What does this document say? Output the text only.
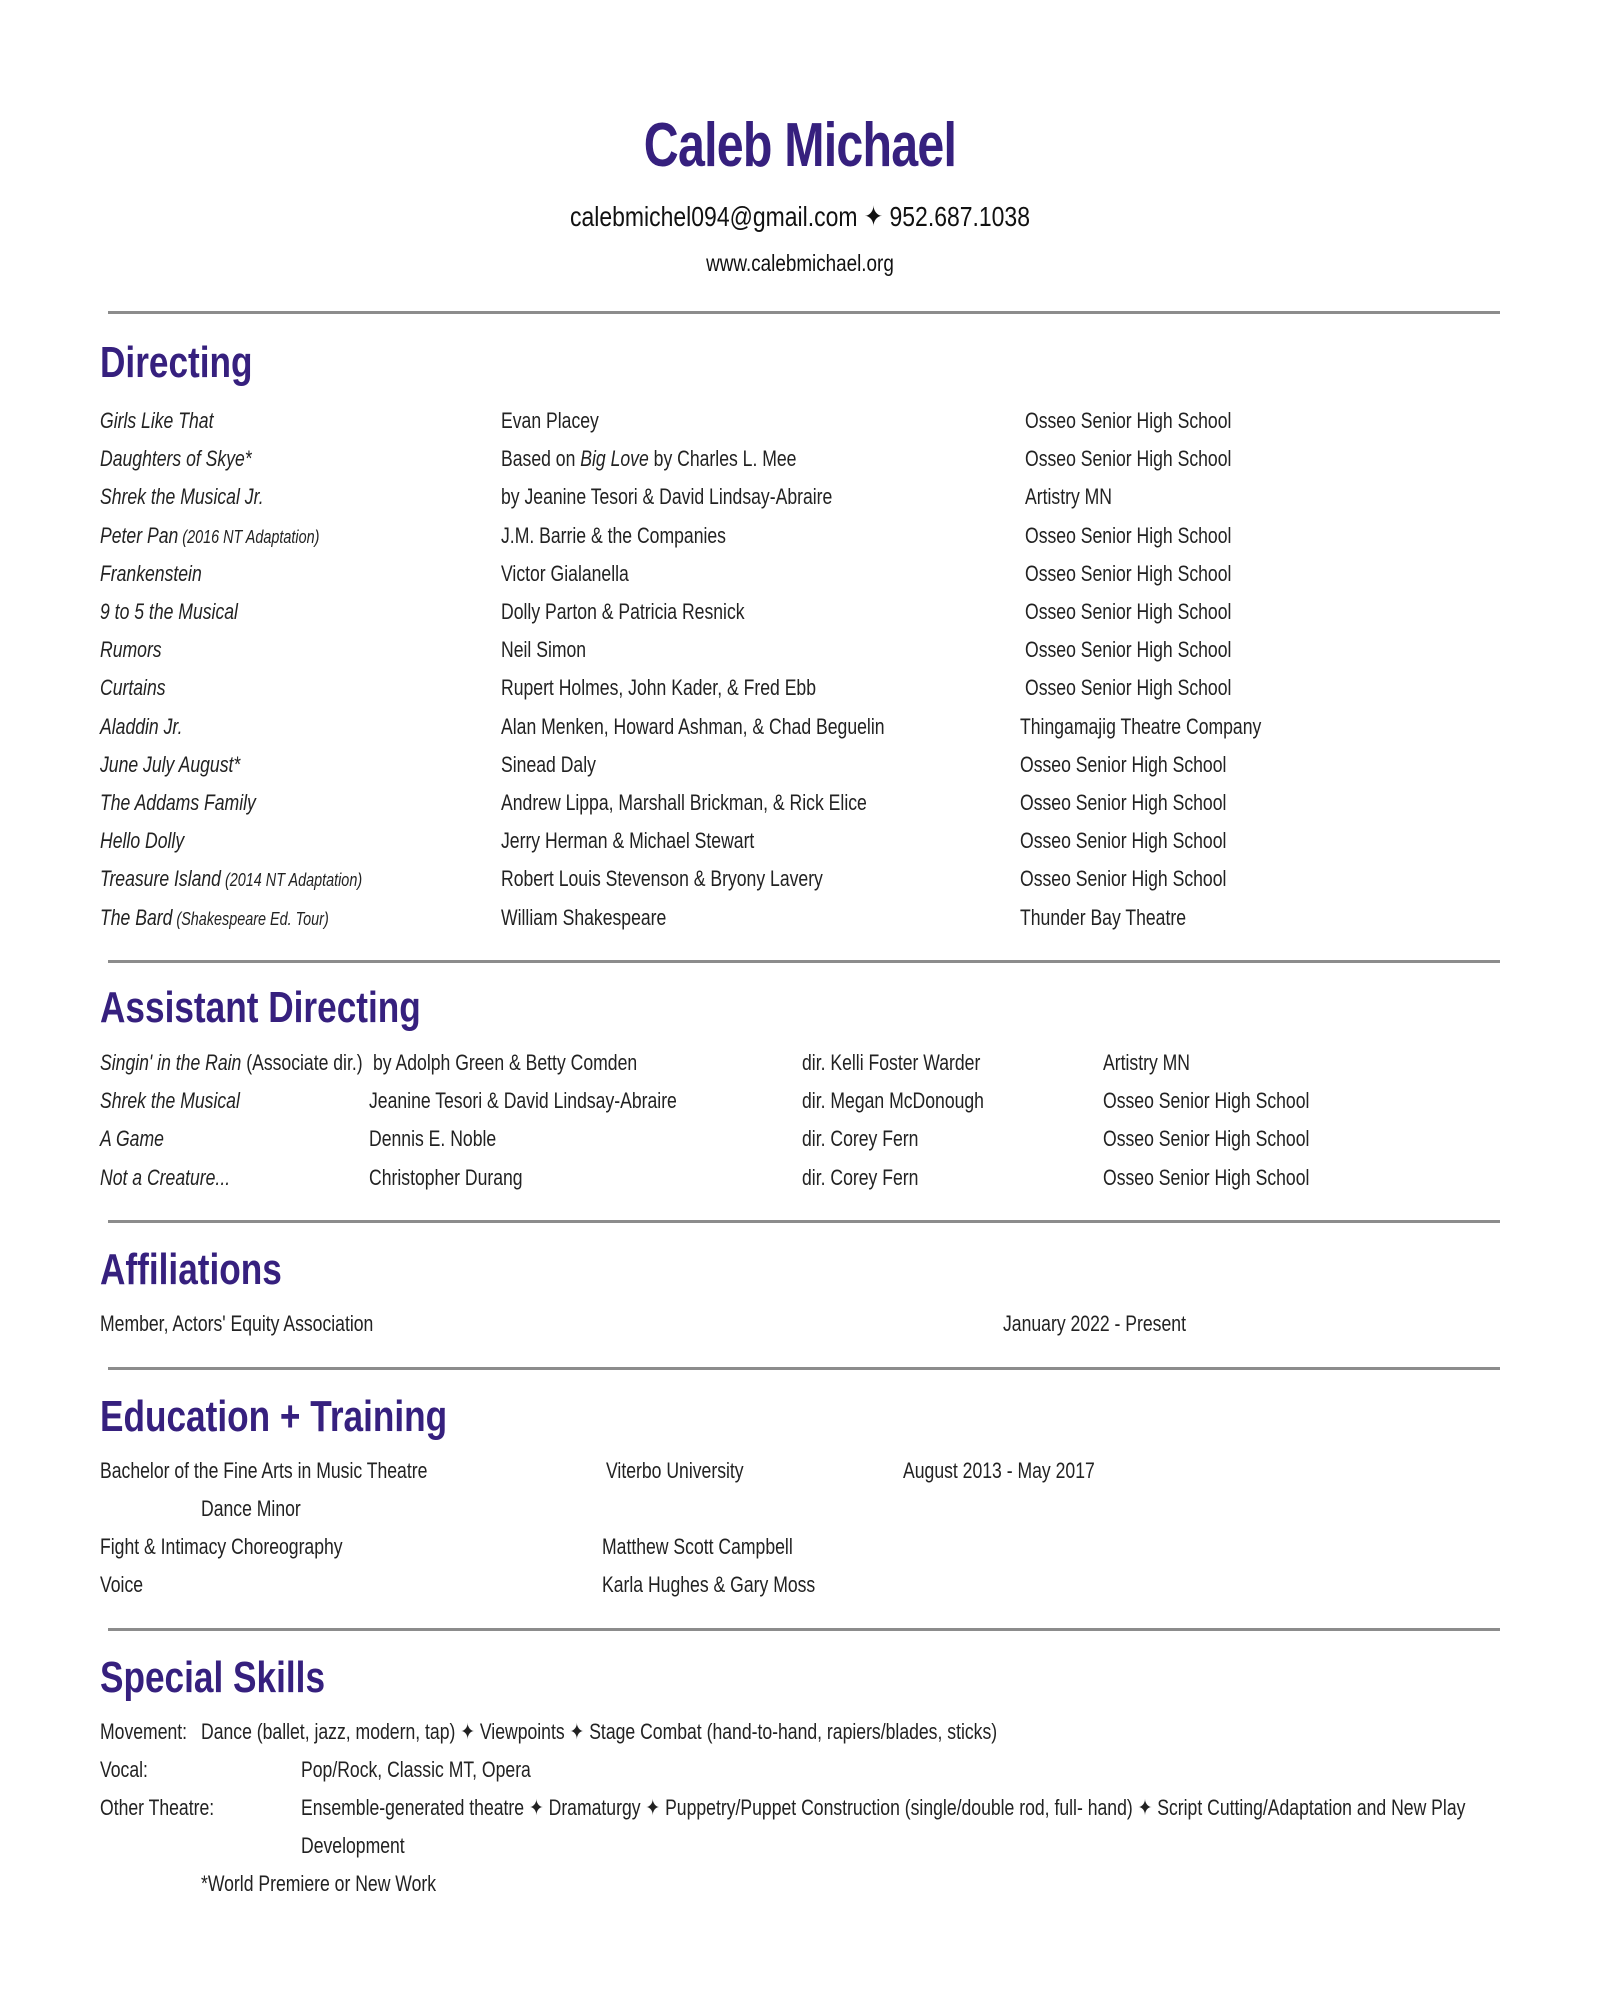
Caleb Michael
calebmichel094@gmail.com ✦ 952.687.1038
www.calebmichael.org
Directing
Girls Like That	Evan Placey	Osseo Senior High School
Daughters of Skye*	Based on Big Love by Charles L. Mee	Osseo Senior High School
Shrek the Musical Jr.	by Jeanine Tesori & David Lindsay-Abraire	Artistry MN
Peter Pan (2016 NT Adaptation)	J.M. Barrie & the Companies	Osseo Senior High School
Frankenstein	Victor Gialanella	Osseo Senior High School
9 to 5 the Musical	Dolly Parton & Patricia Resnick	Osseo Senior High School
Rumors	Neil Simon	Osseo Senior High School
Curtains	Rupert Holmes, John Kader, & Fred Ebb	Osseo Senior High School
Aladdin Jr.	Alan Menken, Howard Ashman, & Chad Beguelin	Thingamajig Theatre Company
June July August*	Sinead Daly	Osseo Senior High School
The Addams Family	Andrew Lippa, Marshall Brickman, & Rick Elice	Osseo Senior High School
Hello Dolly	Jerry Herman & Michael Stewart	Osseo Senior High School
Treasure Island (2014 NT Adaptation)	Robert Louis Stevenson & Bryony Lavery	Osseo Senior High School
The Bard (Shakespeare Ed. Tour)	William Shakespeare	Thunder Bay Theatre
Assistant Directing
Singin' in the Rain (Associate dir.) by Adolph Green & Betty Comden	dir. Kelli Foster Warder	Artistry MN
Shrek the Musical	Jeanine Tesori & David Lindsay-Abraire	dir. Megan McDonough	Osseo Senior High School
A Game	Dennis E. Noble	dir. Corey Fern	Osseo Senior High School
Not a Creature...	Christopher Durang	dir. Corey Fern	Osseo Senior High School
Affiliations
Member, Actors' Equity Association	January 2022 - Present
Education + Training
Bachelor of the Fine Arts in Music Theatre	Viterbo University	August 2013 - May 2017
Dance Minor
Fight & Intimacy Choreography	Matthew Scott Campbell
Voice	Karla Hughes & Gary Moss
Special Skills
Movement: Dance (ballet, jazz, modern, tap) ✦ Viewpoints ✦ Stage Combat (hand-to-hand, rapiers/blades, sticks)
Vocal:	Pop/Rock, Classic MT, Opera
Other Theatre:	Ensemble-generated theatre ✦ Dramaturgy ✦ Puppetry/Puppet Construction (single/double rod, full- hand) ✦ Script Cutting/Adaptation and New Play
Development
*World Premiere or New Work
